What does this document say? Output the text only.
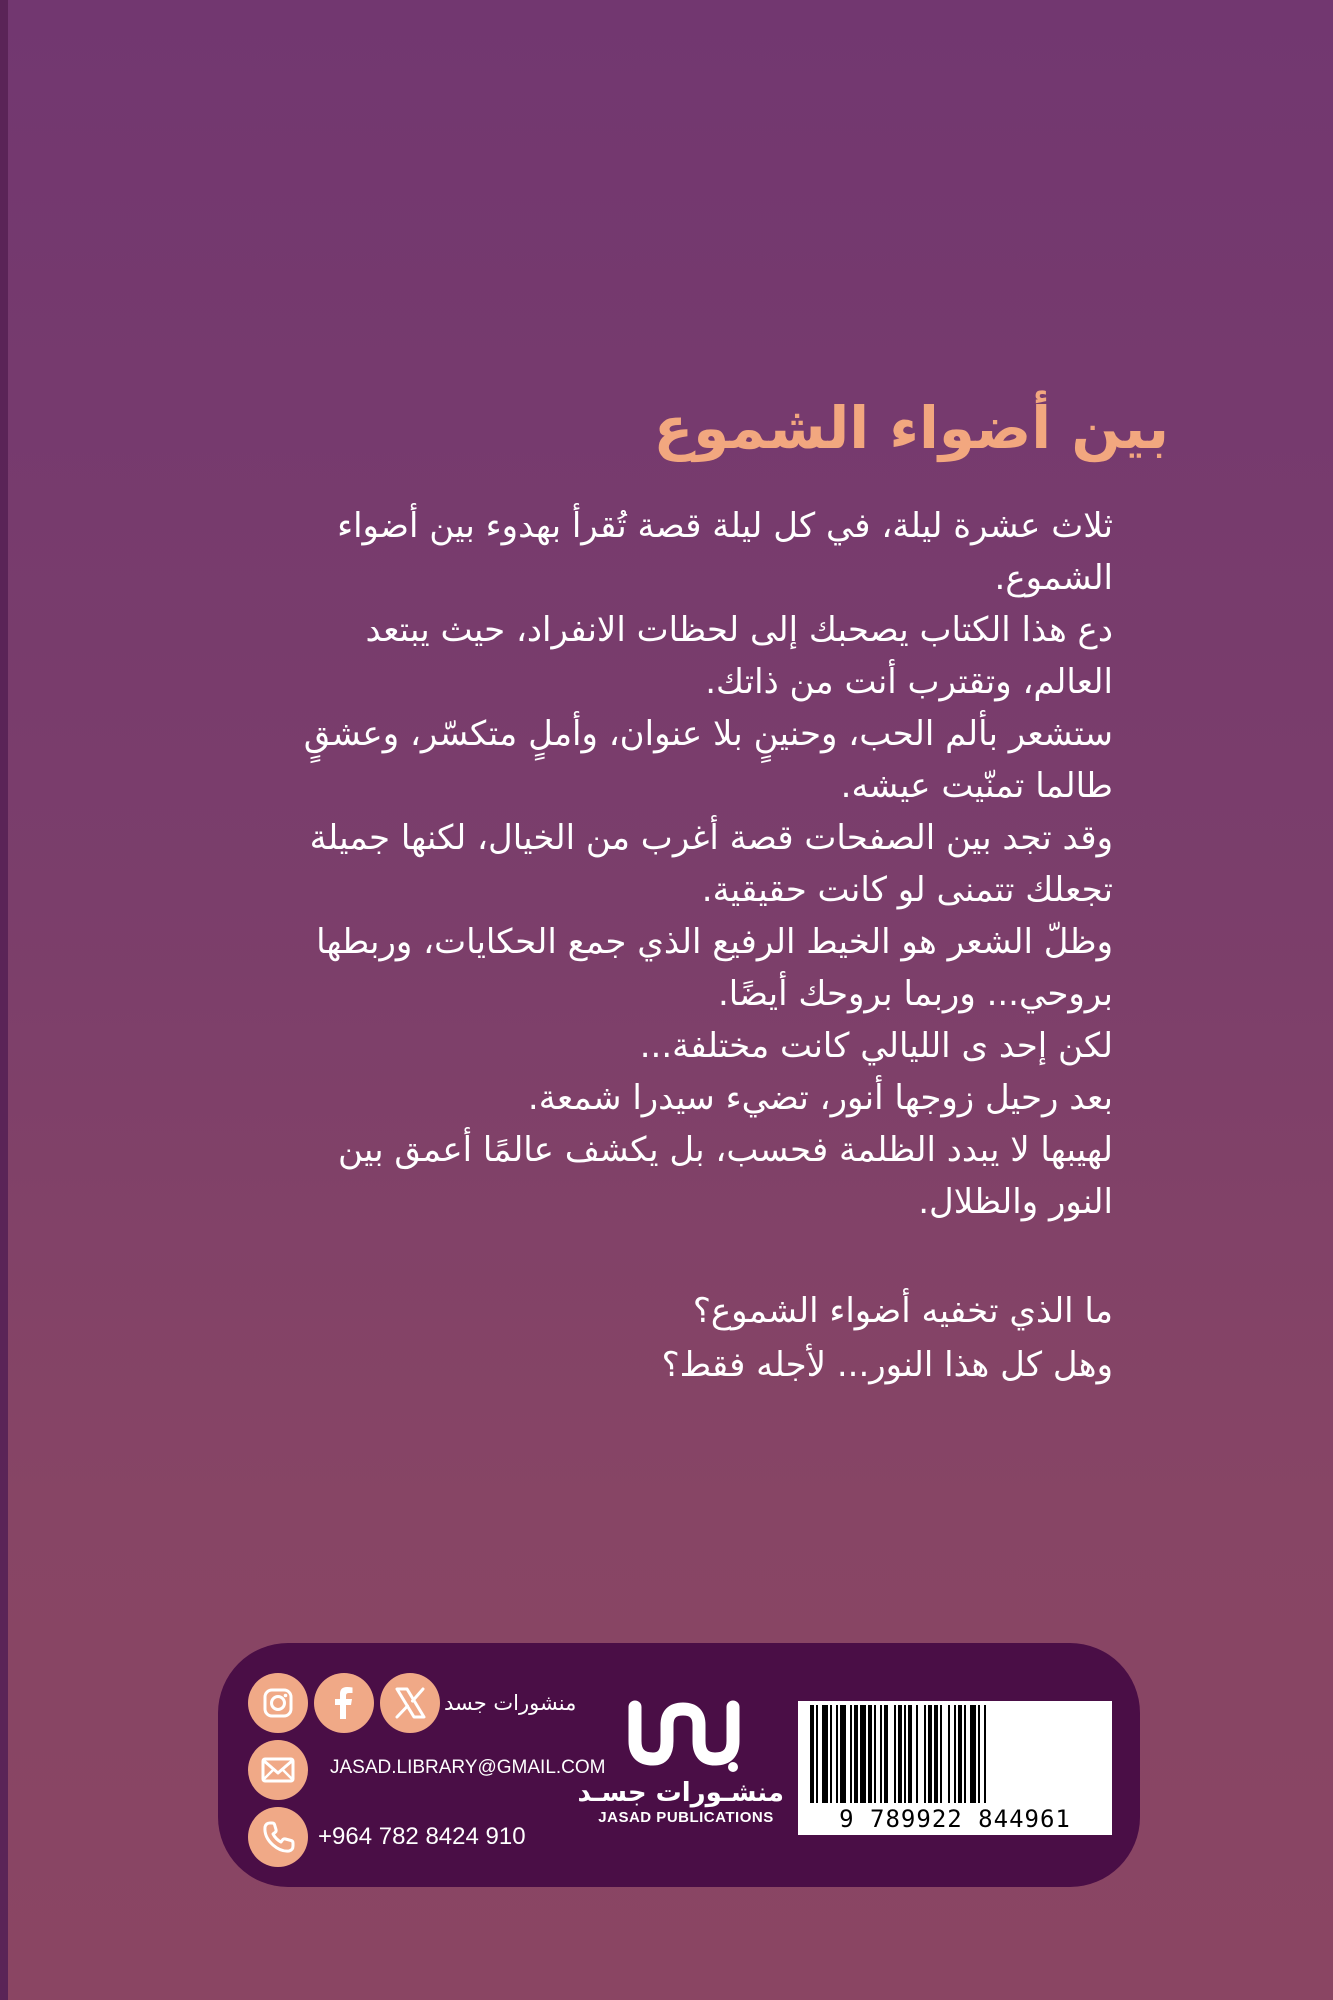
بين أضواء الشموع

ثلاث عشرة ليلة، في كل ليلة قصة تُقرأ بهدوء بين أضواء

الشموع.

دع هذا الكتاب يصحبك إلى لحظات الانفراد، حيث يبتعد

العالم، وتقترب أنت من ذاتك.

ستشعر بألم الحب، وحنينٍ بلا عنوان، وأملٍ متكسّر، وعشقٍ

طالما تمنّيت عيشه.

وقد تجد بين الصفحات قصة أغرب من الخيال، لكنها جميلة

تجعلك تتمنى لو كانت حقيقية.

وظلّ الشعر هو الخيط الرفيع الذي جمع الحكايات، وربطها

بروحي... وربما بروحك أيضًا.

لكن إحد ى الليالي كانت مختلفة...

بعد رحيل زوجها أنور، تضيء سيدرا شمعة.

لهيبها لا يبدد الظلمة فحسب، بل يكشف عالمًا أعمق بين

النور والظلال.

ما الذي تخفيه أضواء الشموع؟

وهل كل هذا النور... لأجله فقط؟

9 789922 844961
منشـورات جسـد
JASAD PUBLICATIONS
منشورات جسد
JASAD.LIBRARY@GMAIL.COM
+964 782 8424 910
